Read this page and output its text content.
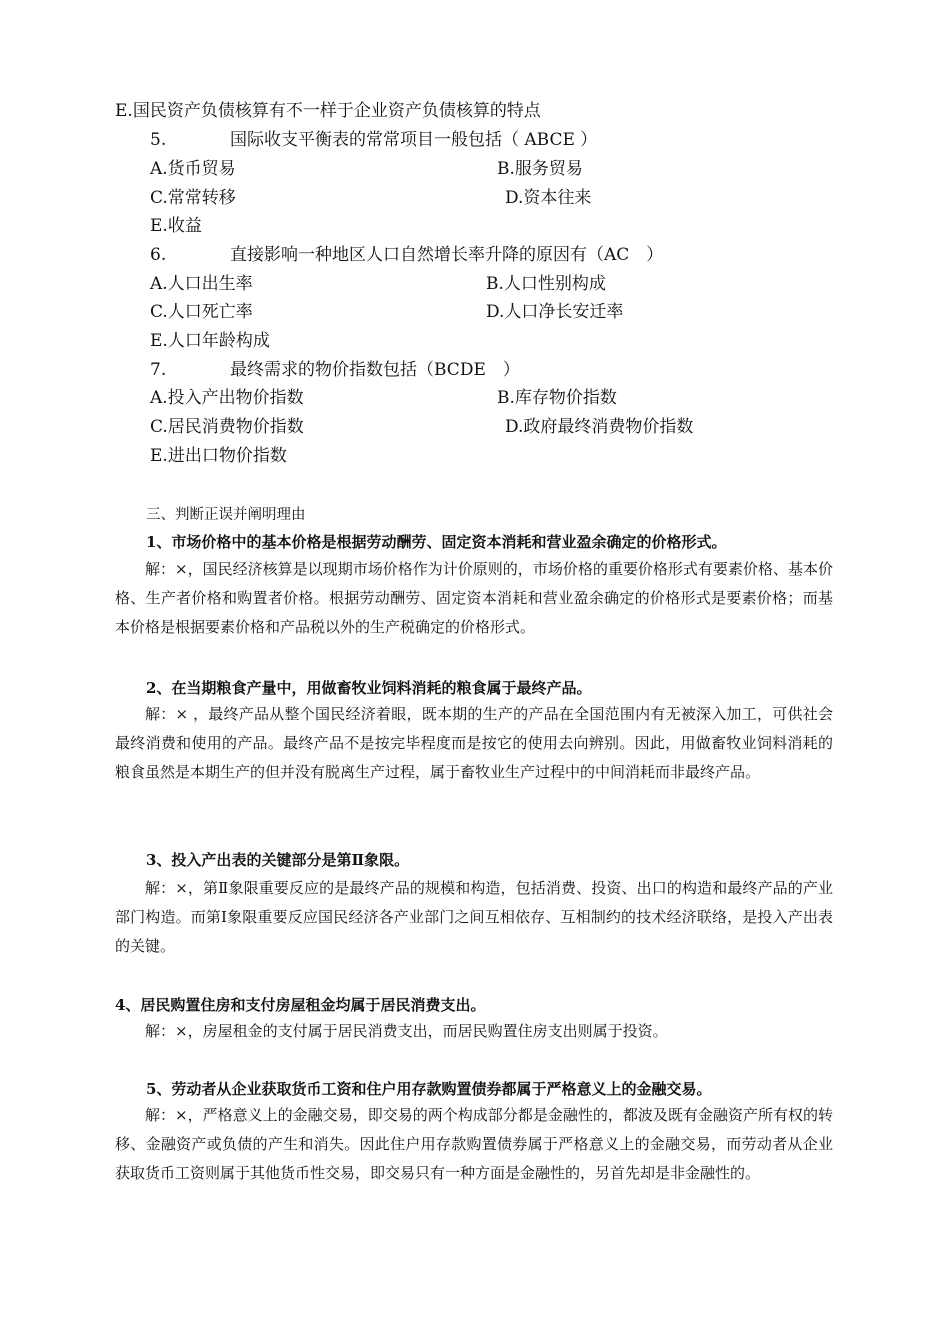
E.国民资产负债核算有不一样于企业资产负债核算的特点
5.	国际收支平衡表的常常项目一般包括（ ABCE ）
A.货币贸易	B.服务贸易
C.常常转移	D.资本往来
E.收益
6.	直接影响一种地区人口自然增长率升降的原因有（AC　）
A.人口出生率	B.人口性别构成
C.人口死亡率	D.人口净长安迁率
E.人口年龄构成
7.	最终需求的物价指数包括（BCDE　）
A.投入产出物价指数	B.库存物价指数
C.居民消费物价指数	D.政府最终消费物价指数
E.进出口物价指数
三、判断正误并阐明理由
1、市场价格中的基本价格是根据劳动酬劳、固定资本消耗和营业盈余确定的价格形式。
解：×，国民经济核算是以现期市场价格作为计价原则的，市场价格的重要价格形式有要素价格、基本价格、生产者价格和购置者价格。根据劳动酬劳、固定资本消耗和营业盈余确定的价格形式是要素价格；而基本价格是根据要素价格和产品税以外的生产税确定的价格形式。
2、在当期粮食产量中，用做畜牧业饲料消耗的粮食属于最终产品。
解：× ，最终产品从整个国民经济着眼，既本期的生产的产品在全国范围内有无被深入加工，可供社会最终消费和使用的产品。最终产品不是按完毕程度而是按它的使用去向辨别。因此，用做畜牧业饲料消耗的粮食虽然是本期生产的但并没有脱离生产过程，属于畜牧业生产过程中的中间消耗而非最终产品。
3、投入产出表的关键部分是第Ⅱ象限。
解：×，第Ⅱ象限重要反应的是最终产品的规模和构造，包括消费、投资、出口的构造和最终产品的产业部门构造。而第Ⅰ象限重要反应国民经济各产业部门之间互相依存、互相制约的技术经济联络，是投入产出表的关键。
4、居民购置住房和支付房屋租金均属于居民消费支出。
解：×，房屋租金的支付属于居民消费支出，而居民购置住房支出则属于投资。
5、劳动者从企业获取货币工资和住户用存款购置债券都属于严格意义上的金融交易。
解：×，严格意义上的金融交易，即交易的两个构成部分都是金融性的，都波及既有金融资产所有权的转移、金融资产或负债的产生和消失。因此住户用存款购置债券属于严格意义上的金融交易，而劳动者从企业获取货币工资则属于其他货币性交易，即交易只有一种方面是金融性的，另首先却是非金融性的。
